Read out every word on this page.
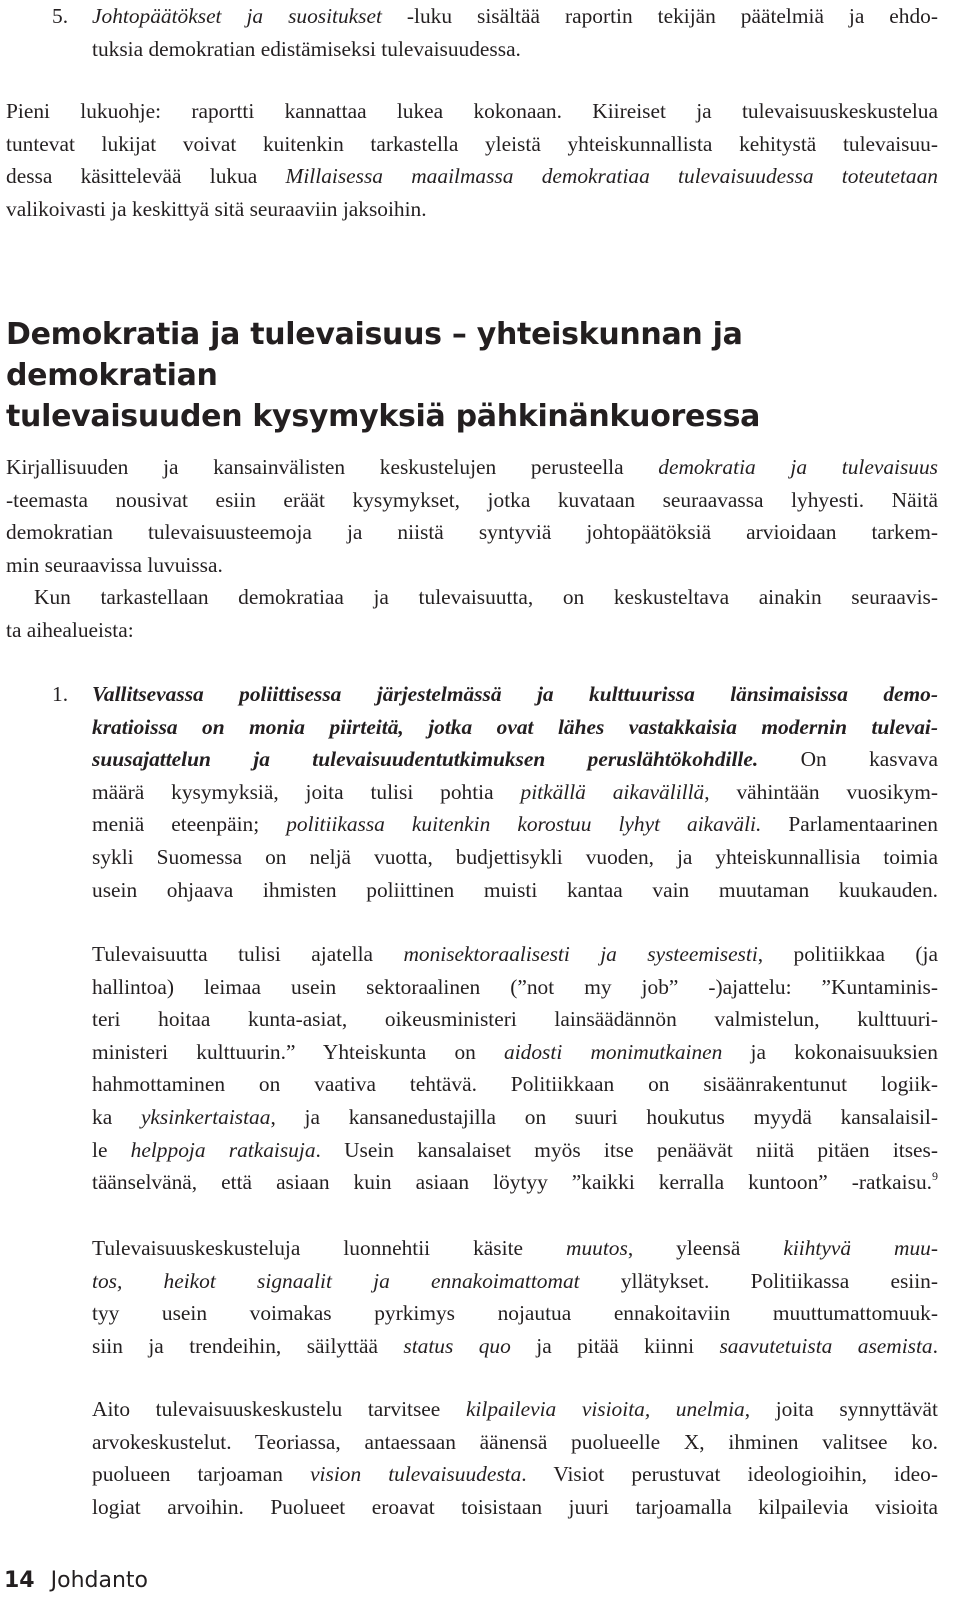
5. Johtopäätökset ja suositukset -luku sisältää raportin tekijän päätelmiä ja ehdo-
tuksia demokratian edistämiseksi tulevaisuudessa.
Pieni lukuohje: raportti kannattaa lukea kokonaan. Kiireiset ja tulevaisuuskeskustelua
tuntevat lukijat voivat kuitenkin tarkastella yleistä yhteiskunnallista kehitystä tulevaisuu-
dessa käsittelevää lukua Millaisessa maailmassa demokratiaa tulevaisuudessa toteutetaan
valikoivasti ja keskittyä sitä seuraaviin jaksoihin.
Demokratia ja tulevaisuus – yhteiskunnan ja demokratian
tulevaisuuden kysymyksiä pähkinänkuoressa
Kirjallisuuden ja kansainvälisten keskustelujen perusteella demokratia ja tulevaisuus
-teemasta nousivat esiin eräät kysymykset, jotka kuvataan seuraavassa lyhyesti. Näitä
demokratian tulevaisuusteemoja ja niistä syntyviä johtopäätöksiä arvioidaan tarkem-
min seuraavissa luvuissa.
Kun tarkastellaan demokratiaa ja tulevaisuutta, on keskusteltava ainakin seuraavis-
ta aihealueista:
1. Vallitsevassa poliittisessa järjestelmässä ja kulttuurissa länsimaisissa demo-
kratioissa on monia piirteitä, jotka ovat lähes vastakkaisia modernin tulevai-
suusajattelun ja tulevaisuudentutkimuksen peruslähtökohdille. On kasvava
määrä kysymyksiä, joita tulisi pohtia pitkällä aikavälillä, vähintään vuosikym-
meniä eteenpäin; politiikassa kuitenkin korostuu lyhyt aikaväli. Parlamentaarinen
sykli Suomessa on neljä vuotta, budjettisykli vuoden, ja yhteiskunnallisia toimia
usein ohjaava ihmisten poliittinen muisti kantaa vain muutaman kuukauden.
Tulevaisuutta tulisi ajatella monisektoraalisesti ja systeemisesti, politiikkaa (ja
hallintoa) leimaa usein sektoraalinen (”not my job” -)ajattelu: ”Kuntaminis-
teri hoitaa kunta-asiat, oikeusministeri lainsäädännön valmistelun, kulttuuri-
ministeri kulttuurin.” Yhteiskunta on aidosti monimutkainen ja kokonaisuuksien
hahmottaminen on vaativa tehtävä. Politiikkaan on sisäänrakentunut logiik-
ka yksinkertaistaa, ja kansanedustajilla on suuri houkutus myydä kansalaisil-
le helppoja ratkaisuja. Usein kansalaiset myös itse penäävät niitä pitäen itses-
täänselvänä, että asiaan kuin asiaan löytyy ”kaikki kerralla kuntoon” -ratkaisu.$^9$
Tulevaisuuskeskusteluja luonnehtii käsite muutos, yleensä kiihtyvä muu-
tos, heikot signaalit ja ennakoimattomat yllätykset. Politiikassa esiin-
tyy usein voimakas pyrkimys nojautua ennakoitaviin muuttumattomuuk-
siin ja trendeihin, säilyttää status quo ja pitää kiinni saavutetuista asemista.
Aito tulevaisuuskeskustelu tarvitsee kilpailevia visioita, unelmia, joita synnyttävät
arvokeskustelut. Teoriassa, antaessaan äänensä puolueelle X, ihminen valitsee ko.
puolueen tarjoaman vision tulevaisuudesta. Visiot perustuvat ideologioihin, ideo-
logiat arvoihin. Puolueet eroavat toisistaan juuri tarjoamalla kilpailevia visioita
14 Johdanto
